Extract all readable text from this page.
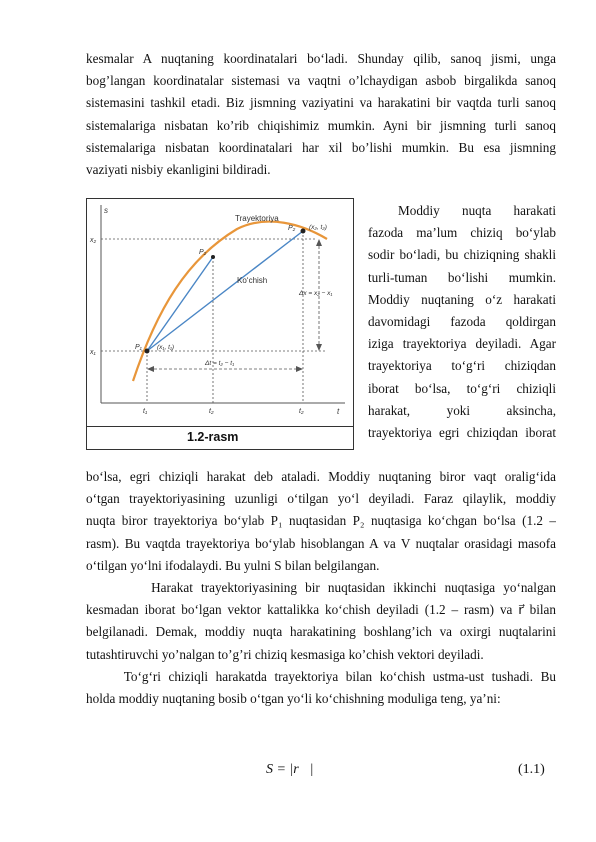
kesmalar A nuqtaning koordinatalari bo‘ladi. Shunday qilib, sanoq jismi, unga
bog’langan koordinatalar sistemasi va vaqtni o’lchaydigan asbob birgalikda sanoq
sistemasini tashkil etadi. Biz jismning vaziyatini va harakatini bir vaqtda turli sanoq
sistemalariga nisbatan ko’rib chiqishimiz mumkin. Ayni bir jismning turli sanoq
sistemalariga nisbatan koordinatalari har xil bo’lishi mumkin. Bu esa jismning
vaziyati nisbiy ekanligini bildiradi.
s
t
Δx = x₂ − x₁
Δt = t₂ − t₁
x₂
x₁
t₁	t₂
t₂
P₁ (x₁, t₁)
P₂ (x₂, t₂)
P₂
Trayektoriya
Ko‘chish
1.2-rasm
Moddiy nuqta harakati
fazoda ma’lum chiziq bo‘ylab
sodir bo‘ladi, bu chiziqning shakli
turli-tuman bo‘lishi mumkin.
Moddiy nuqtaning o‘z harakati
davomidagi fazoda qoldirgan
iziga trayektoriya deyiladi. Agar
trayektoriya to‘g‘ri chiziqdan
iborat bo‘lsa, to‘g‘ri chiziqli
harakat, yoki aksincha,
trayektoriya egri chiziqdan iborat
bo‘lsa, egri chiziqli harakat deb ataladi. Moddiy nuqtaning biror vaqt oralig‘ida
o‘tgan trayektoriyasining uzunligi o‘tilgan yo‘l deyiladi. Faraz qilaylik, moddiy
nuqta biror trayektoriya bo‘ylab P₁ nuqtasidan P₂ nuqtasiga ko‘chgan bo‘lsa (1.2 –
rasm). Bu vaqtda trayektoriya bo‘ylab hisoblangan A va V nuqtalar orasidagi masofa
o‘tilgan yo‘lni ifodalaydi. Bu yulni S bilan belgilangan.
Harakat trayektoriyasining bir nuqtasidan ikkinchi nuqtasiga yo‘nalgan
kesmadan iborat bo‘lgan vektor kattalikka ko‘chish deyiladi (1.2 – rasm) va r⃗ bilan
belgilanadi. Demak, moddiy nuqta harakatining boshlang’ich va oxirgi nuqtalarini
tutashtiruvchi yo’nalgan to’g’ri chiziq kesmasiga ko’chish vektori deyiladi.
To‘g‘ri chiziqli harakatda trayektoriya bilan ko‘chish ustma-ust tushadi. Bu
holda moddiy nuqtaning bosib o‘tgan yo‘li ko‘chishning moduliga teng, ya’ni:
S = |r⃗|	(1.1)
